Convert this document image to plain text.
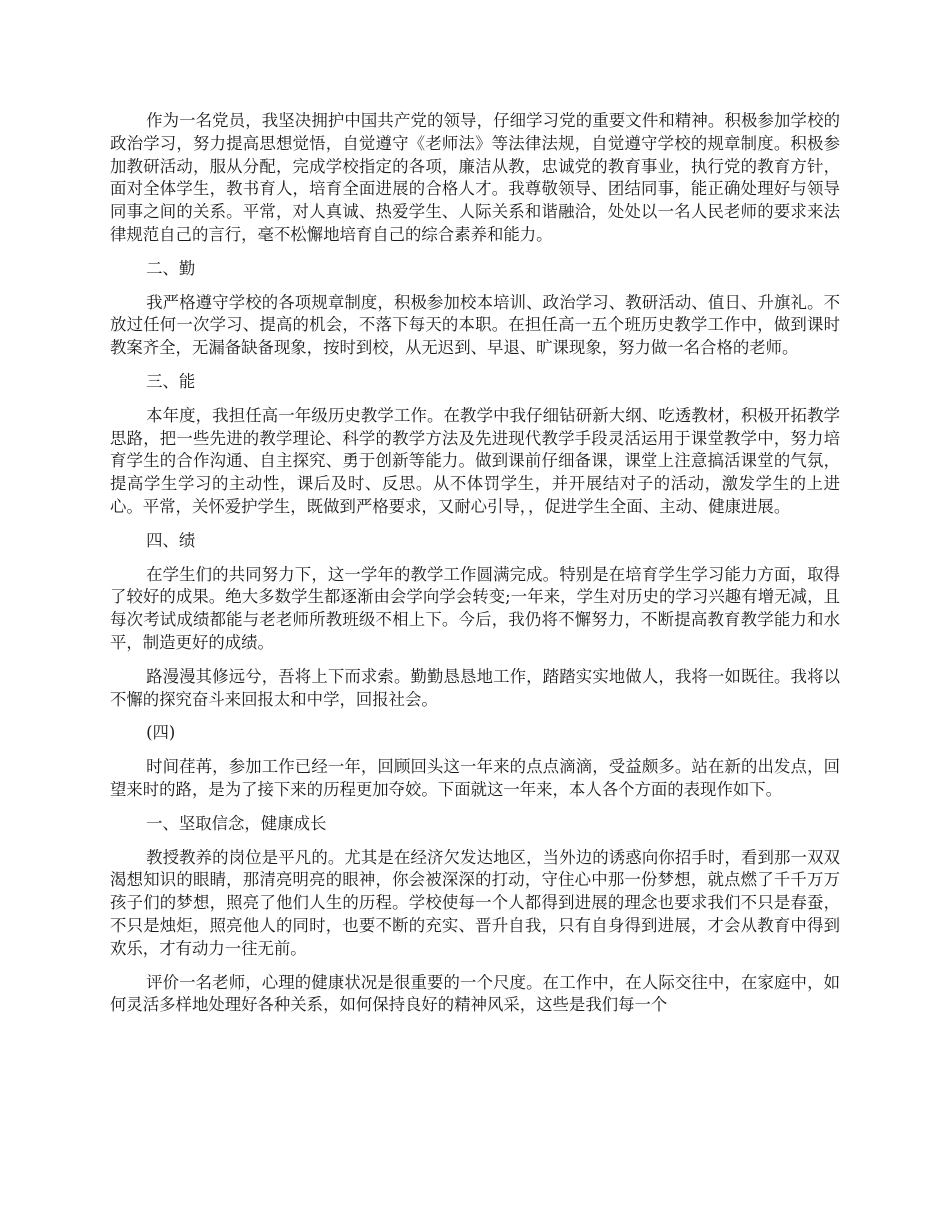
作为一名党员，我坚决拥护中国共产党的领导，仔细学习党的重要文件和精神。积极参加学校的政治学习，努力提高思想觉悟，自觉遵守《老师法》等法律法规，自觉遵守学校的规章制度。积极参加教研活动，服从分配，完成学校指定的各项，廉洁从教，忠诚党的教育事业，执行党的教育方针，面对全体学生，教书育人，培育全面进展的合格人才。我尊敬领导、团结同事，能正确处理好与领导同事之间的关系。平常，对人真诚、热爱学生、人际关系和谐融洽，处处以一名人民老师的要求来法律规范自己的言行，毫不松懈地培育自己的综合素养和能力。

二、勤

我严格遵守学校的各项规章制度，积极参加校本培训、政治学习、教研活动、值日、升旗礼。不放过任何一次学习、提高的机会，不落下每天的本职。在担任高一五个班历史教学工作中，做到课时教案齐全，无漏备缺备现象，按时到校，从无迟到、早退、旷课现象，努力做一名合格的老师。

三、能

本年度，我担任高一年级历史教学工作。在教学中我仔细钻研新大纲、吃透教材，积极开拓教学思路，把一些先进的教学理论、科学的教学方法及先进现代教学手段灵活运用于课堂教学中，努力培育学生的合作沟通、自主探究、勇于创新等能力。做到课前仔细备课，课堂上注意搞活课堂的气氛，提高学生学习的主动性，课后及时、反思。从不体罚学生，并开展结对子的活动，激发学生的上进心。平常，关怀爱护学生，既做到严格要求，又耐心引导，，促进学生全面、主动、健康进展。

四、绩

在学生们的共同努力下，这一学年的教学工作圆满完成。特别是在培育学生学习能力方面，取得了较好的成果。绝大多数学生都逐渐由会学向学会转变;一年来，学生对历史的学习兴趣有增无减，且每次考试成绩都能与老老师所教班级不相上下。今后，我仍将不懈努力，不断提高教育教学能力和水平，制造更好的成绩。

路漫漫其修远兮，吾将上下而求索。勤勤恳恳地工作，踏踏实实地做人，我将一如既往。我将以不懈的探究奋斗来回报太和中学，回报社会。

(四)

时间荏苒，参加工作已经一年，回顾回头这一年来的点点滴滴，受益颇多。站在新的出发点，回望来时的路，是为了接下来的历程更加夺姣。下面就这一年来，本人各个方面的表现作如下。

一、坚取信念，健康成长

教授教养的岗位是平凡的。尤其是在经济欠发达地区，当外边的诱惑向你招手时，看到那一双双渴想知识的眼睛，那清亮明亮的眼神，你会被深深的打动，守住心中那一份梦想，就点燃了千千万万孩子们的梦想，照亮了他们人生的历程。学校使每一个人都得到进展的理念也要求我们不只是春蚕，不只是烛炬，照亮他人的同时，也要不断的充实、晋升自我，只有自身得到进展，才会从教育中得到欢乐，才有动力一往无前。

评价一名老师，心理的健康状况是很重要的一个尺度。在工作中，在人际交往中，在家庭中，如何灵活多样地处理好各种关系，如何保持良好的精神风采，这些是我们每一个
